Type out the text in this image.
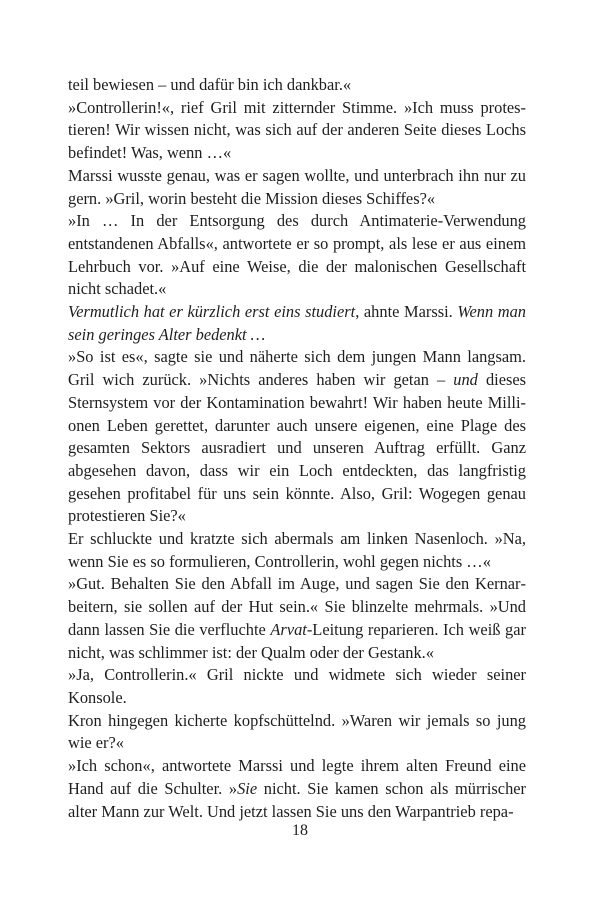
teil bewiesen – und dafür bin ich dankbar.«

»Controllerin!«, rief Gril mit zitternder Stimme. »Ich muss protestieren! Wir wissen nicht, was sich auf der anderen Seite dieses Lochs befindet! Was, wenn …«

Marssi wusste genau, was er sagen wollte, und unterbrach ihn nur zu gern. »Gril, worin besteht die Mission dieses Schiffes?«

»In … In der Entsorgung des durch Antimaterie-Verwendung entstandenen Abfalls«, antwortete er so prompt, als lese er aus einem Lehrbuch vor. »Auf eine Weise, die der malonischen Gesellschaft nicht schadet.«

Vermutlich hat er kürzlich erst eins studiert, ahnte Marssi. Wenn man sein geringes Alter bedenkt …

»So ist es«, sagte sie und näherte sich dem jungen Mann langsam. Gril wich zurück. »Nichts anderes haben wir getan – und dieses Sternsystem vor der Kontamination bewahrt! Wir haben heute Millionen Leben gerettet, darunter auch unsere eigenen, eine Plage des gesamten Sektors ausradiert und unseren Auftrag erfüllt. Ganz abgesehen davon, dass wir ein Loch entdeckten, das langfristig gesehen profitabel für uns sein könnte. Also, Gril: Wogegen genau protestieren Sie?«

Er schluckte und kratzte sich abermals am linken Nasenloch. »Na, wenn Sie es so formulieren, Controllerin, wohl gegen nichts …«

»Gut. Behalten Sie den Abfall im Auge, und sagen Sie den Kernarbeitern, sie sollen auf der Hut sein.« Sie blinzelte mehrmals. »Und dann lassen Sie die verfluchte Arvat-Leitung reparieren. Ich weiß gar nicht, was schlimmer ist: der Qualm oder der Gestank.«

»Ja, Controllerin.« Gril nickte und widmete sich wieder seiner Konsole.

Kron hingegen kicherte kopfschüttelnd. »Waren wir jemals so jung wie er?«

»Ich schon«, antwortete Marssi und legte ihrem alten Freund eine Hand auf die Schulter. »Sie nicht. Sie kamen schon als mürrischer alter Mann zur Welt. Und jetzt lassen Sie uns den Warpantrieb repa-

18
